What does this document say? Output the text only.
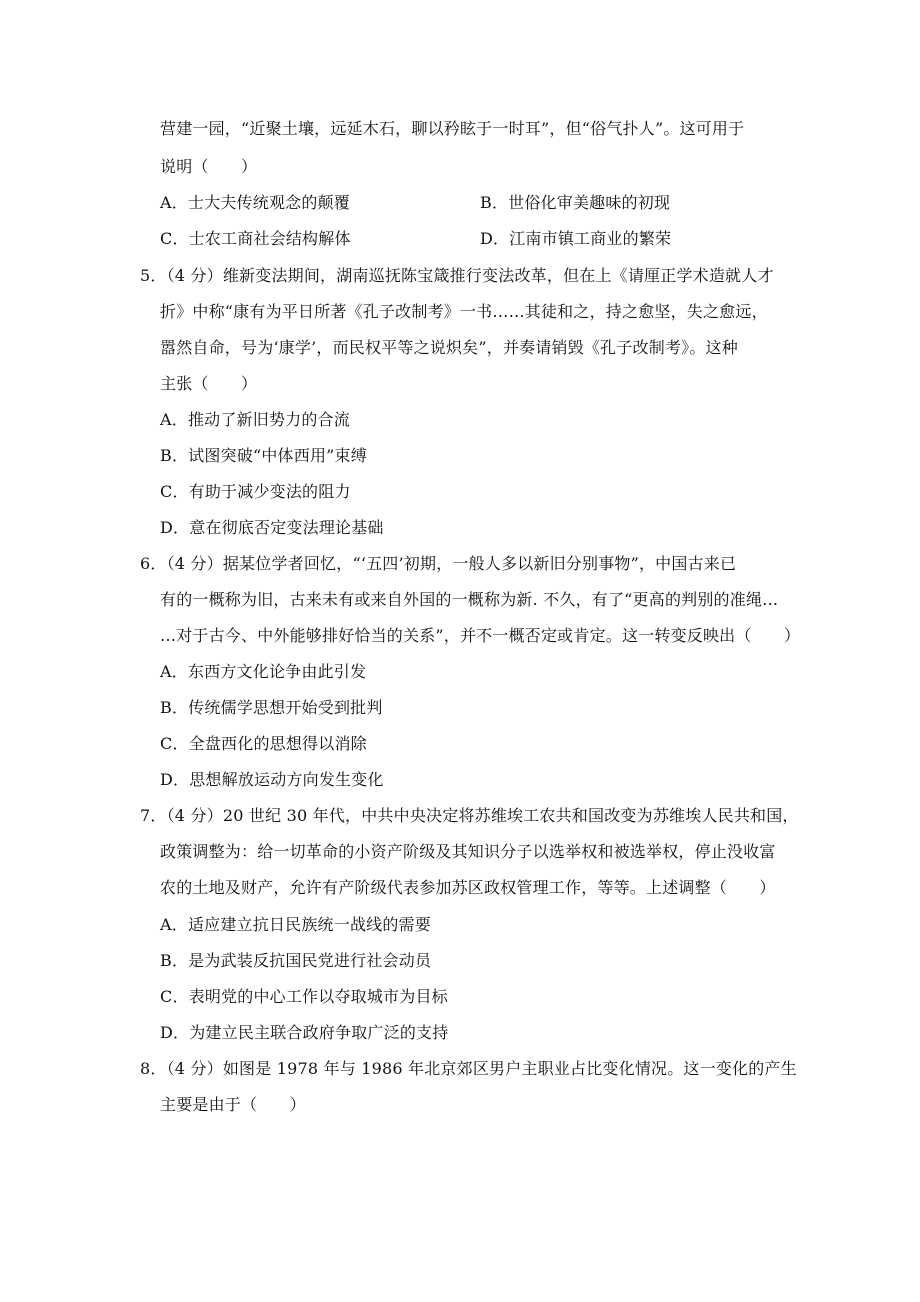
营建一园，“近聚土壤，远延木石，聊以矜眩于一时耳”，但“俗气扑人”。这可用于
说明（　　）
A．士大夫传统观念的颠覆	B．世俗化审美趣味的初现
C．士农工商社会结构解体	D．江南市镇工商业的繁荣
5．（4 分）维新变法期间，湖南巡抚陈宝箴推行变法改革，但在上《请厘正学术造就人才
折》中称“康有为平日所著《孔子改制考》一书……其徒和之，持之愈坚，失之愈远，
嚣然自命，号为‘康学’，而民权平等之说炽矣”，并奏请销毁《孔子改制考》。这种
主张（　　）
A．推动了新旧势力的合流
B．试图突破“中体西用”束缚
C．有助于减少变法的阻力
D．意在彻底否定变法理论基础
6．（4 分）据某位学者回忆，“‘五四’初期，一般人多以新旧分别事物”，中国古来已
有的一概称为旧，古来未有或来自外国的一概称为新. 不久，有了“更高的判别的准绳…
…对于古今、中外能够排好恰当的关系”，并不一概否定或肯定。这一转变反映出（　　）
A．东西方文化论争由此引发
B．传统儒学思想开始受到批判
C．全盘西化的思想得以消除
D．思想解放运动方向发生变化
7．（4 分）20 世纪 30 年代，中共中央决定将苏维埃工农共和国改变为苏维埃人民共和国，
政策调整为：给一切革命的小资产阶级及其知识分子以选举权和被选举权，停止没收富
农的土地及财产，允许有产阶级代表参加苏区政权管理工作，等等。上述调整（　　）
A．适应建立抗日民族统一战线的需要
B．是为武装反抗国民党进行社会动员
C．表明党的中心工作以夺取城市为目标
D．为建立民主联合政府争取广泛的支持
8．（4 分）如图是 1978 年与 1986 年北京郊区男户主职业占比变化情况。这一变化的产生
主要是由于（　　）
